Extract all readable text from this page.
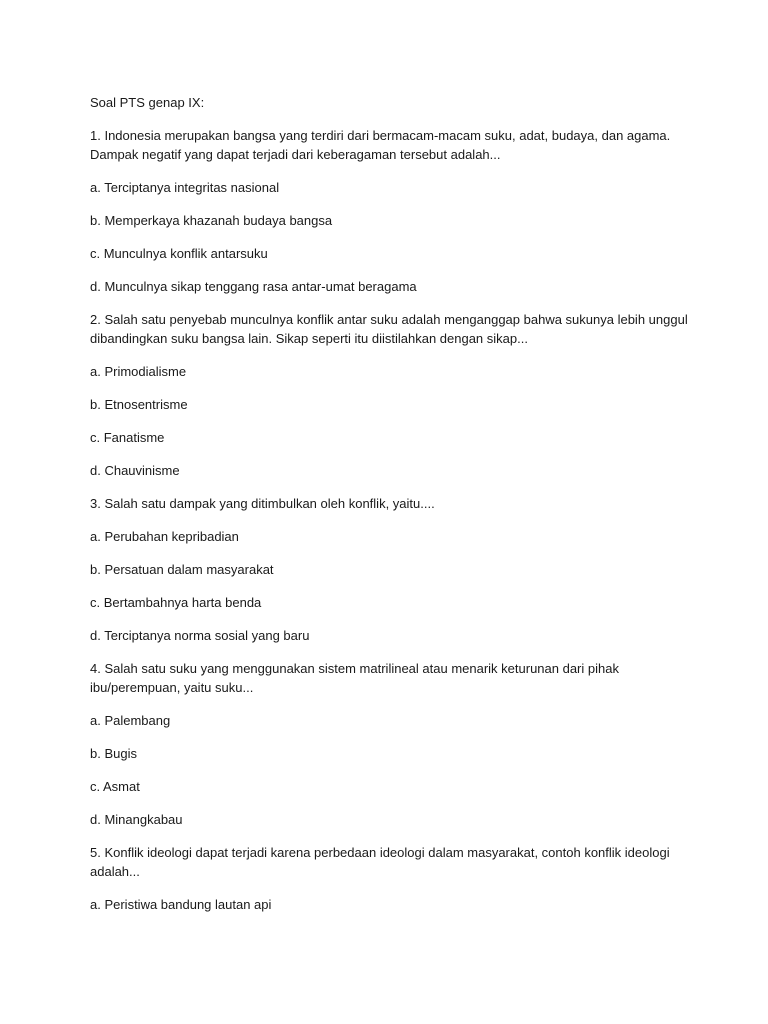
Soal PTS genap IX:

1. Indonesia merupakan bangsa yang terdiri dari bermacam-macam suku, adat, budaya, dan agama.
Dampak negatif yang dapat terjadi dari keberagaman tersebut adalah...

a. Terciptanya integritas nasional

b. Memperkaya khazanah budaya bangsa

c. Munculnya konflik antarsuku

d. Munculnya sikap tenggang rasa antar-umat beragama

2. Salah satu penyebab munculnya konflik antar suku adalah menganggap bahwa sukunya lebih unggul
dibandingkan suku bangsa lain. Sikap seperti itu diistilahkan dengan sikap...

a. Primodialisme

b. Etnosentrisme

c. Fanatisme

d. Chauvinisme

3. Salah satu dampak yang ditimbulkan oleh konflik, yaitu....

a. Perubahan kepribadian

b. Persatuan dalam masyarakat

c. Bertambahnya harta benda

d. Terciptanya norma sosial yang baru

4. Salah satu suku yang menggunakan sistem matrilineal atau menarik keturunan dari pihak
ibu/perempuan, yaitu suku...

a. Palembang

b. Bugis

c. Asmat

d. Minangkabau

5. Konflik ideologi dapat terjadi karena perbedaan ideologi dalam masyarakat, contoh konflik ideologi
adalah...

a. Peristiwa bandung lautan api
